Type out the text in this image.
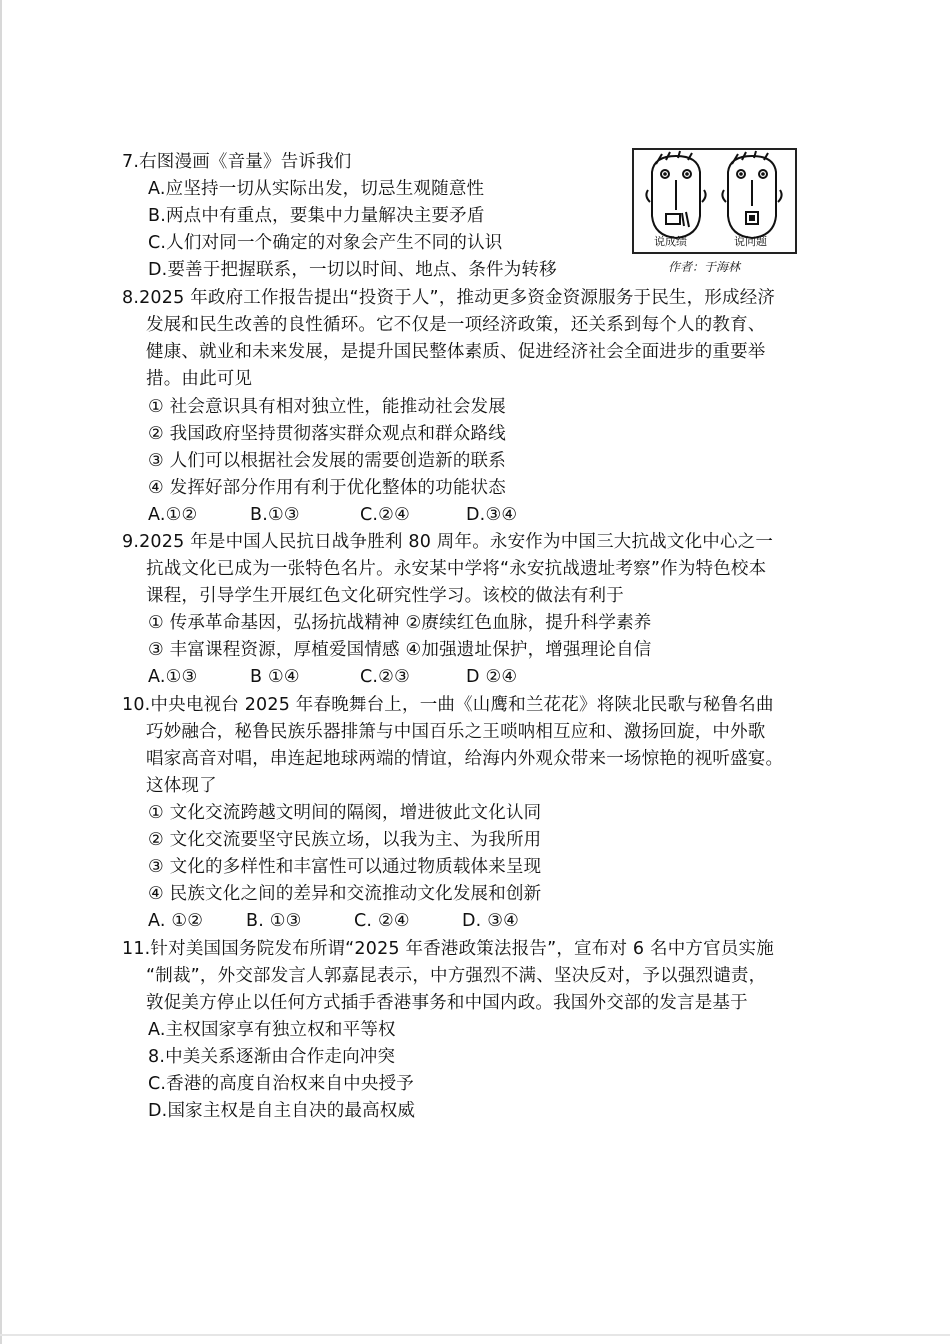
7.右图漫画《音量》告诉我们
A.应坚持一切从实际出发，切忌生观随意性
B.两点中有重点，要集中力量解决主要矛盾
C.人们对同一个确定的对象会产生不同的认识
D.要善于把握联系，一切以时间、地点、条件为转移
说成绩	说问题
作者：于海林
8.2025 年政府工作报告提出“投资于人”，推动更多资金资源服务于民生，形成经济
发展和民生改善的良性循环。它不仅是一项经济政策，还关系到每个人的教育、
健康、就业和未来发展，是提升国民整体素质、促进经济社会全面进步的重要举
措。由此可见
① 社会意识具有相对独立性，能推动社会发展
② 我国政府坚持贯彻落实群众观点和群众路线
③ 人们可以根据社会发展的需要创造新的联系
④ 发挥好部分作用有利于优化整体的功能状态
A.①②	B.①③	C.②④	D.③④
9.2025 年是中国人民抗日战争胜利 80 周年。永安作为中国三大抗战文化中心之一
抗战文化已成为一张特色名片。永安某中学将“永安抗战遗址考察”作为特色校本
课程，引导学生开展红色文化研究性学习。该校的做法有利于
① 传承革命基因，弘扬抗战精神 ②赓续红色血脉，提升科学素养
③ 丰富课程资源，厚植爱国情感 ④加强遗址保护，增强理论自信
A.①③	B ①④	C.②③	D ②④
10.中央电视台 2025 年春晚舞台上，一曲《山鹰和兰花花》将陕北民歌与秘鲁名曲
巧妙融合，秘鲁民族乐器排箫与中国百乐之王唢呐相互应和、激扬回旋，中外歌
唱家高音对唱，串连起地球两端的情谊，给海内外观众带来一场惊艳的视听盛宴。
这体现了
① 文化交流跨越文明间的隔阂，增进彼此文化认同
② 文化交流要坚守民族立场，以我为主、为我所用
③ 文化的多样性和丰富性可以通过物质载体来呈现
④ 民族文化之间的差异和交流推动文化发展和创新
A. ①② B. ①③	C. ②④	D. ③④
11.针对美国国务院发布所谓“2025 年香港政策法报告”，宣布对 6 名中方官员实施
“制裁”，外交部发言人郭嘉昆表示，中方强烈不满、坚决反对，予以强烈谴责，
敦促美方停止以任何方式插手香港事务和中国内政。我国外交部的发言是基于
A.主权国家享有独立权和平等权
8.中美关系逐渐由合作走向冲突
C.香港的高度自治权来自中央授予
D.国家主权是自主自决的最高权威
